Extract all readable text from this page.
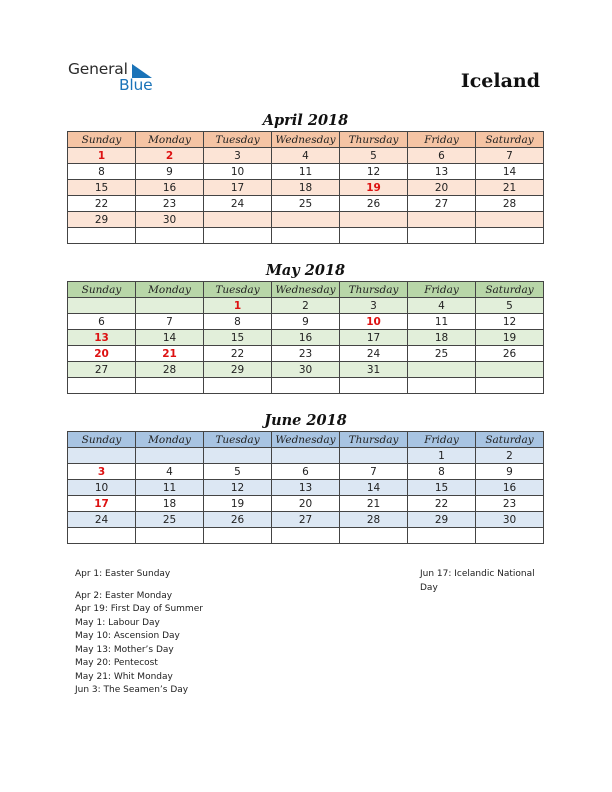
General
Blue	Iceland
April 2018
Sunday	Monday	Tuesday	Wednesday	Thursday	Friday	Saturday
1	2	3	4	5	6	7
8	9	10	11	12	13	14
15	16	17	18	19	20	21
22	23	24	25	26	27	28
29	30					

May 2018
Sunday	Monday	Tuesday	Wednesday	Thursday	Friday	Saturday
		1	2	3	4	5
6	7	8	9	10	11	12
13	14	15	16	17	18	19
20	21	22	23	24	25	26
27	28	29	30	31		

June 2018
Sunday	Monday	Tuesday	Wednesday	Thursday	Friday	Saturday
					1	2
3	4	5	6	7	8	9
10	11	12	13	14	15	16
17	18	19	20	21	22	23
24	25	26	27	28	29	30

Apr 1: Easter Sunday
Apr 2: Easter Monday
Apr 19: First Day of Summer
May 1: Labour Day
May 10: Ascension Day
May 13: Mother’s Day
May 20: Pentecost
May 21: Whit Monday
Jun 3: The Seamen’s Day
Jun 17: Icelandic National Day
